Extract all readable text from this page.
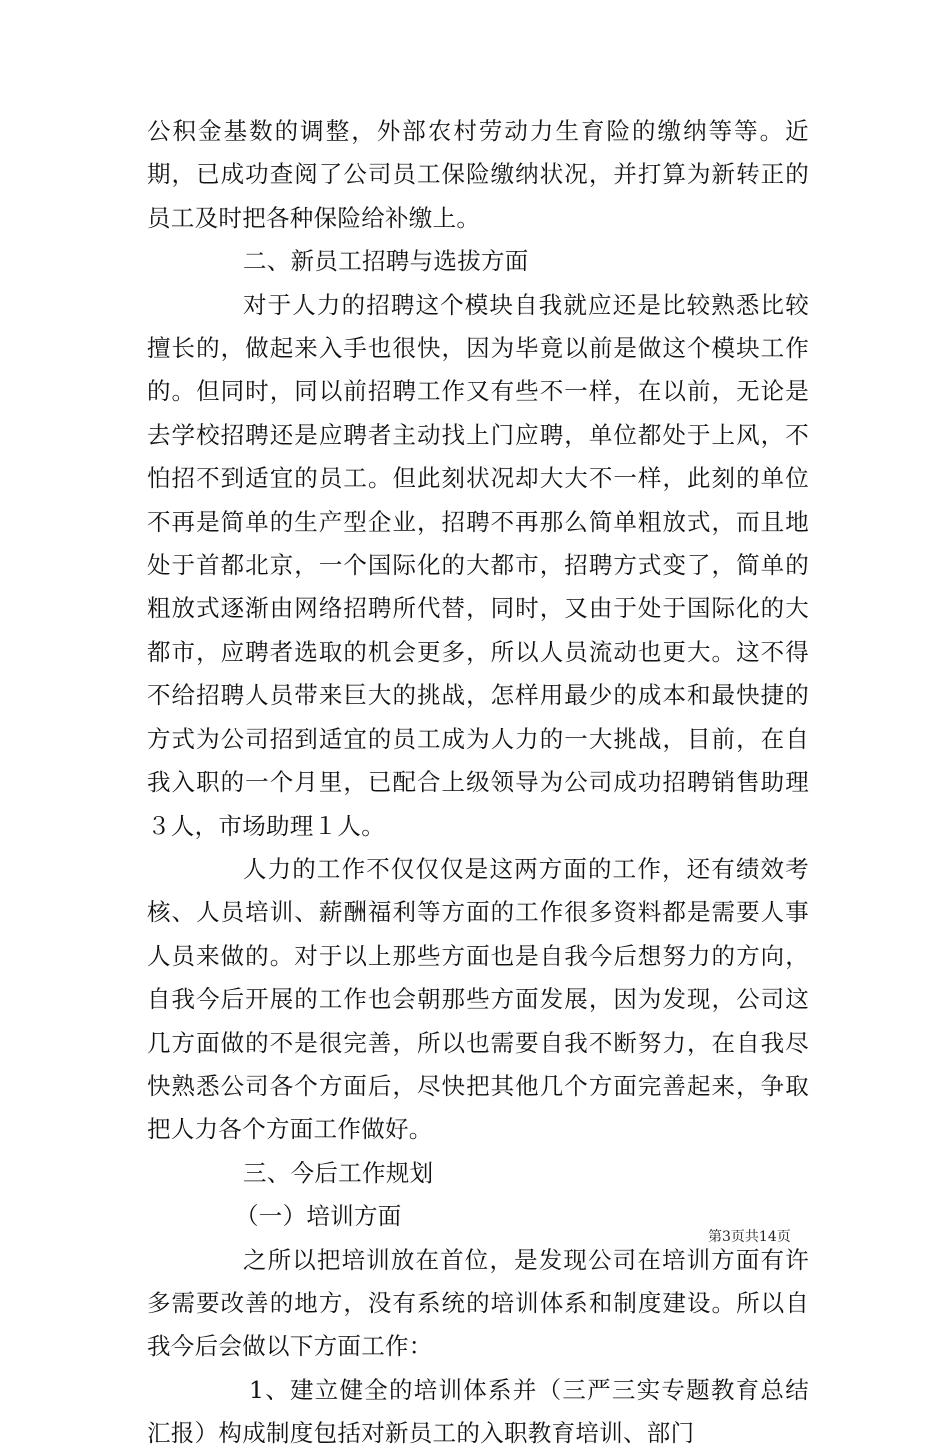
公积金基数的调整，外部农村劳动力生育险的缴纳等等。近期，已成功查阅了公司员工保险缴纳状况，并打算为新转正的员工及时把各种保险给补缴上。

二、新员工招聘与选拔方面

对于人力的招聘这个模块自我就应还是比较熟悉比较擅长的，做起来入手也很快，因为毕竟以前是做这个模块工作的。但同时，同以前招聘工作又有些不一样，在以前，无论是去学校招聘还是应聘者主动找上门应聘，单位都处于上风，不怕招不到适宜的员工。但此刻状况却大大不一样，此刻的单位不再是简单的生产型企业，招聘不再那么简单粗放式，而且地处于首都北京，一个国际化的大都市，招聘方式变了，简单的粗放式逐渐由网络招聘所代替，同时，又由于处于国际化的大都市，应聘者选取的机会更多，所以人员流动也更大。这不得不给招聘人员带来巨大的挑战，怎样用最少的成本和最快捷的方式为公司招到适宜的员工成为人力的一大挑战，目前，在自我入职的一个月里，已配合上级领导为公司成功招聘销售助理３人，市场助理１人。

人力的工作不仅仅仅是这两方面的工作，还有绩效考核、人员培训、薪酬福利等方面的工作很多资料都是需要人事人员来做的。对于以上那些方面也是自我今后想努力的方向，自我今后开展的工作也会朝那些方面发展，因为发现，公司这几方面做的不是很完善，所以也需要自我不断努力，在自我尽快熟悉公司各个方面后，尽快把其他几个方面完善起来，争取把人力各个方面工作做好。

三、今后工作规划

（一）培训方面

之所以把培训放在首位，是发现公司在培训方面有许多需要改善的地方，没有系统的培训体系和制度建设。所以自我今后会做以下方面工作：

1、建立健全的培训体系并（三严三实专题教育总结汇报）构成制度包括对新员工的入职教育培训、部门

第3页共14页
